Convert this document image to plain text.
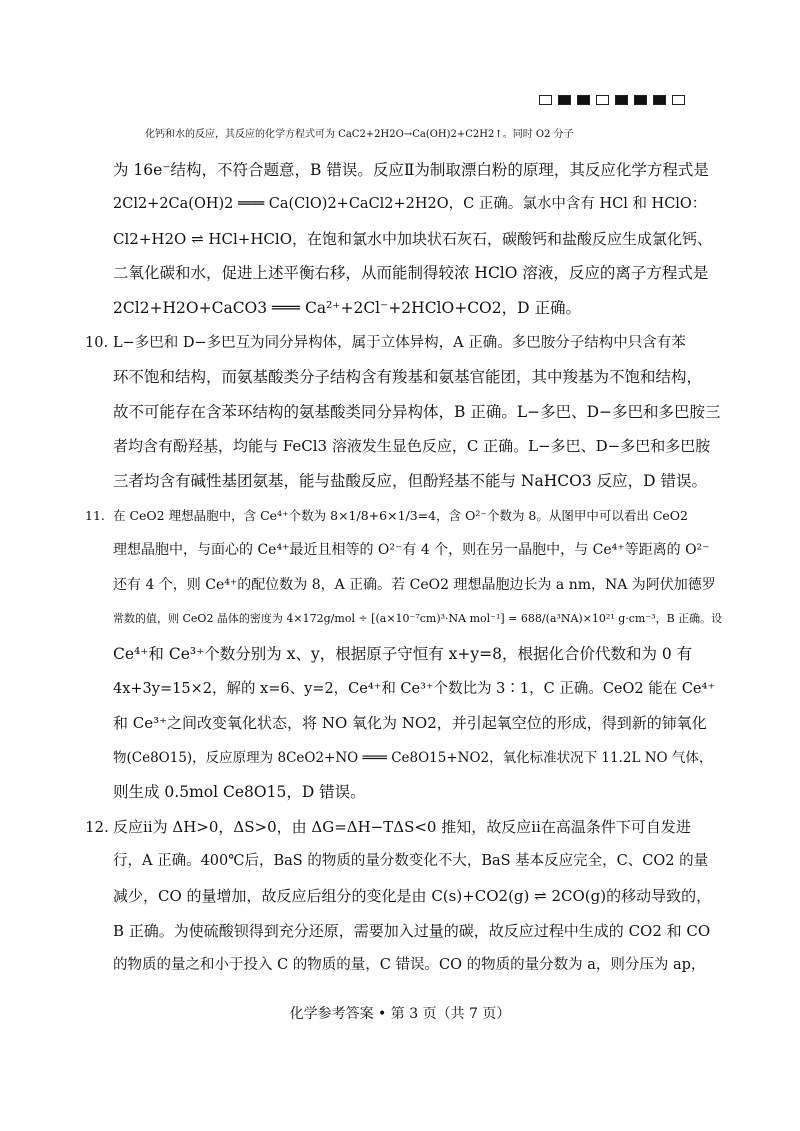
化钙和水的反应，其反应的化学方程式可为 CaC2+2H2O→Ca(OH)2+C2H2↑。同时 O2 分子
为 16e⁻结构，不符合题意，B 错误。反应Ⅱ为制取漂白粉的原理，其反应化学方程式是
2Cl2+2Ca(OH)2 ═══ Ca(ClO)2+CaCl2+2H2O，C 正确。氯水中含有 HCl 和 HClO：
Cl2+H2O ⇌ HCl+HClO，在饱和氯水中加块状石灰石，碳酸钙和盐酸反应生成氯化钙、
二氧化碳和水，促进上述平衡右移，从而能制得较浓 HClO 溶液，反应的离子方程式是
2Cl2+H2O+CaCO3 ═══ Ca²⁺+2Cl⁻+2HClO+CO2，D 正确。
10. L−多巴和 D−多巴互为同分异构体，属于立体异构，A 正确。多巴胺分子结构中只含有苯
环不饱和结构，而氨基酸类分子结构含有羧基和氨基官能团，其中羧基为不饱和结构，
故不可能存在含苯环结构的氨基酸类同分异构体，B 正确。L−多巴、D−多巴和多巴胺三
者均含有酚羟基，均能与 FeCl3 溶液发生显色反应，C 正确。L−多巴、D−多巴和多巴胺
三者均含有碱性基团氨基，能与盐酸反应，但酚羟基不能与 NaHCO3 反应，D 错误。
11. 在 CeO2 理想晶胞中，含 Ce⁴⁺个数为 8×1/8+6×1/3=4，含 O²⁻个数为 8。从图甲中可以看出 CeO2
理想晶胞中，与面心的 Ce⁴⁺最近且相等的 O²⁻有 4 个，则在另一晶胞中，与 Ce⁴⁺等距离的 O²⁻
还有 4 个，则 Ce⁴⁺的配位数为 8，A 正确。若 CeO2 理想晶胞边长为 a nm，NA 为阿伏加德罗
常数的值，则 CeO2 晶体的密度为 4×172g/mol ÷ [(a×10⁻⁷cm)³·NA mol⁻¹] = 688/(a³NA)×10²¹ g·cm⁻³，B 正确。设
Ce⁴⁺和 Ce³⁺个数分别为 x、y，根据原子守恒有 x+y=8，根据化合价代数和为 0 有
4x+3y=15×2，解的 x=6、y=2，Ce⁴⁺和 Ce³⁺个数比为 3∶1，C 正确。CeO2 能在 Ce⁴⁺
和 Ce³⁺之间改变氧化状态，将 NO 氧化为 NO2，并引起氧空位的形成，得到新的铈氧化
物(Ce8O15)，反应原理为 8CeO2+NO ═══ Ce8O15+NO2，氧化标准状况下 11.2L NO 气体，
则生成 0.5mol Ce8O15，D 错误。
12. 反应ⅱ为 ΔH>0，ΔS>0，由 ΔG=ΔH−TΔS<0 推知，故反应ⅱ在高温条件下可自发进
行，A 正确。400℃后，BaS 的物质的量分数变化不大，BaS 基本反应完全，C、CO2 的量
减少，CO 的量增加，故反应后组分的变化是由 C(s)+CO2(g) ⇌ 2CO(g)的移动导致的，
B 正确。为使硫酸钡得到充分还原，需要加入过量的碳，故反应过程中生成的 CO2 和 CO
的物质的量之和小于投入 C 的物质的量，C 错误。CO 的物质的量分数为 a，则分压为 ap，
化学参考答案 • 第 3 页（共 7 页）
